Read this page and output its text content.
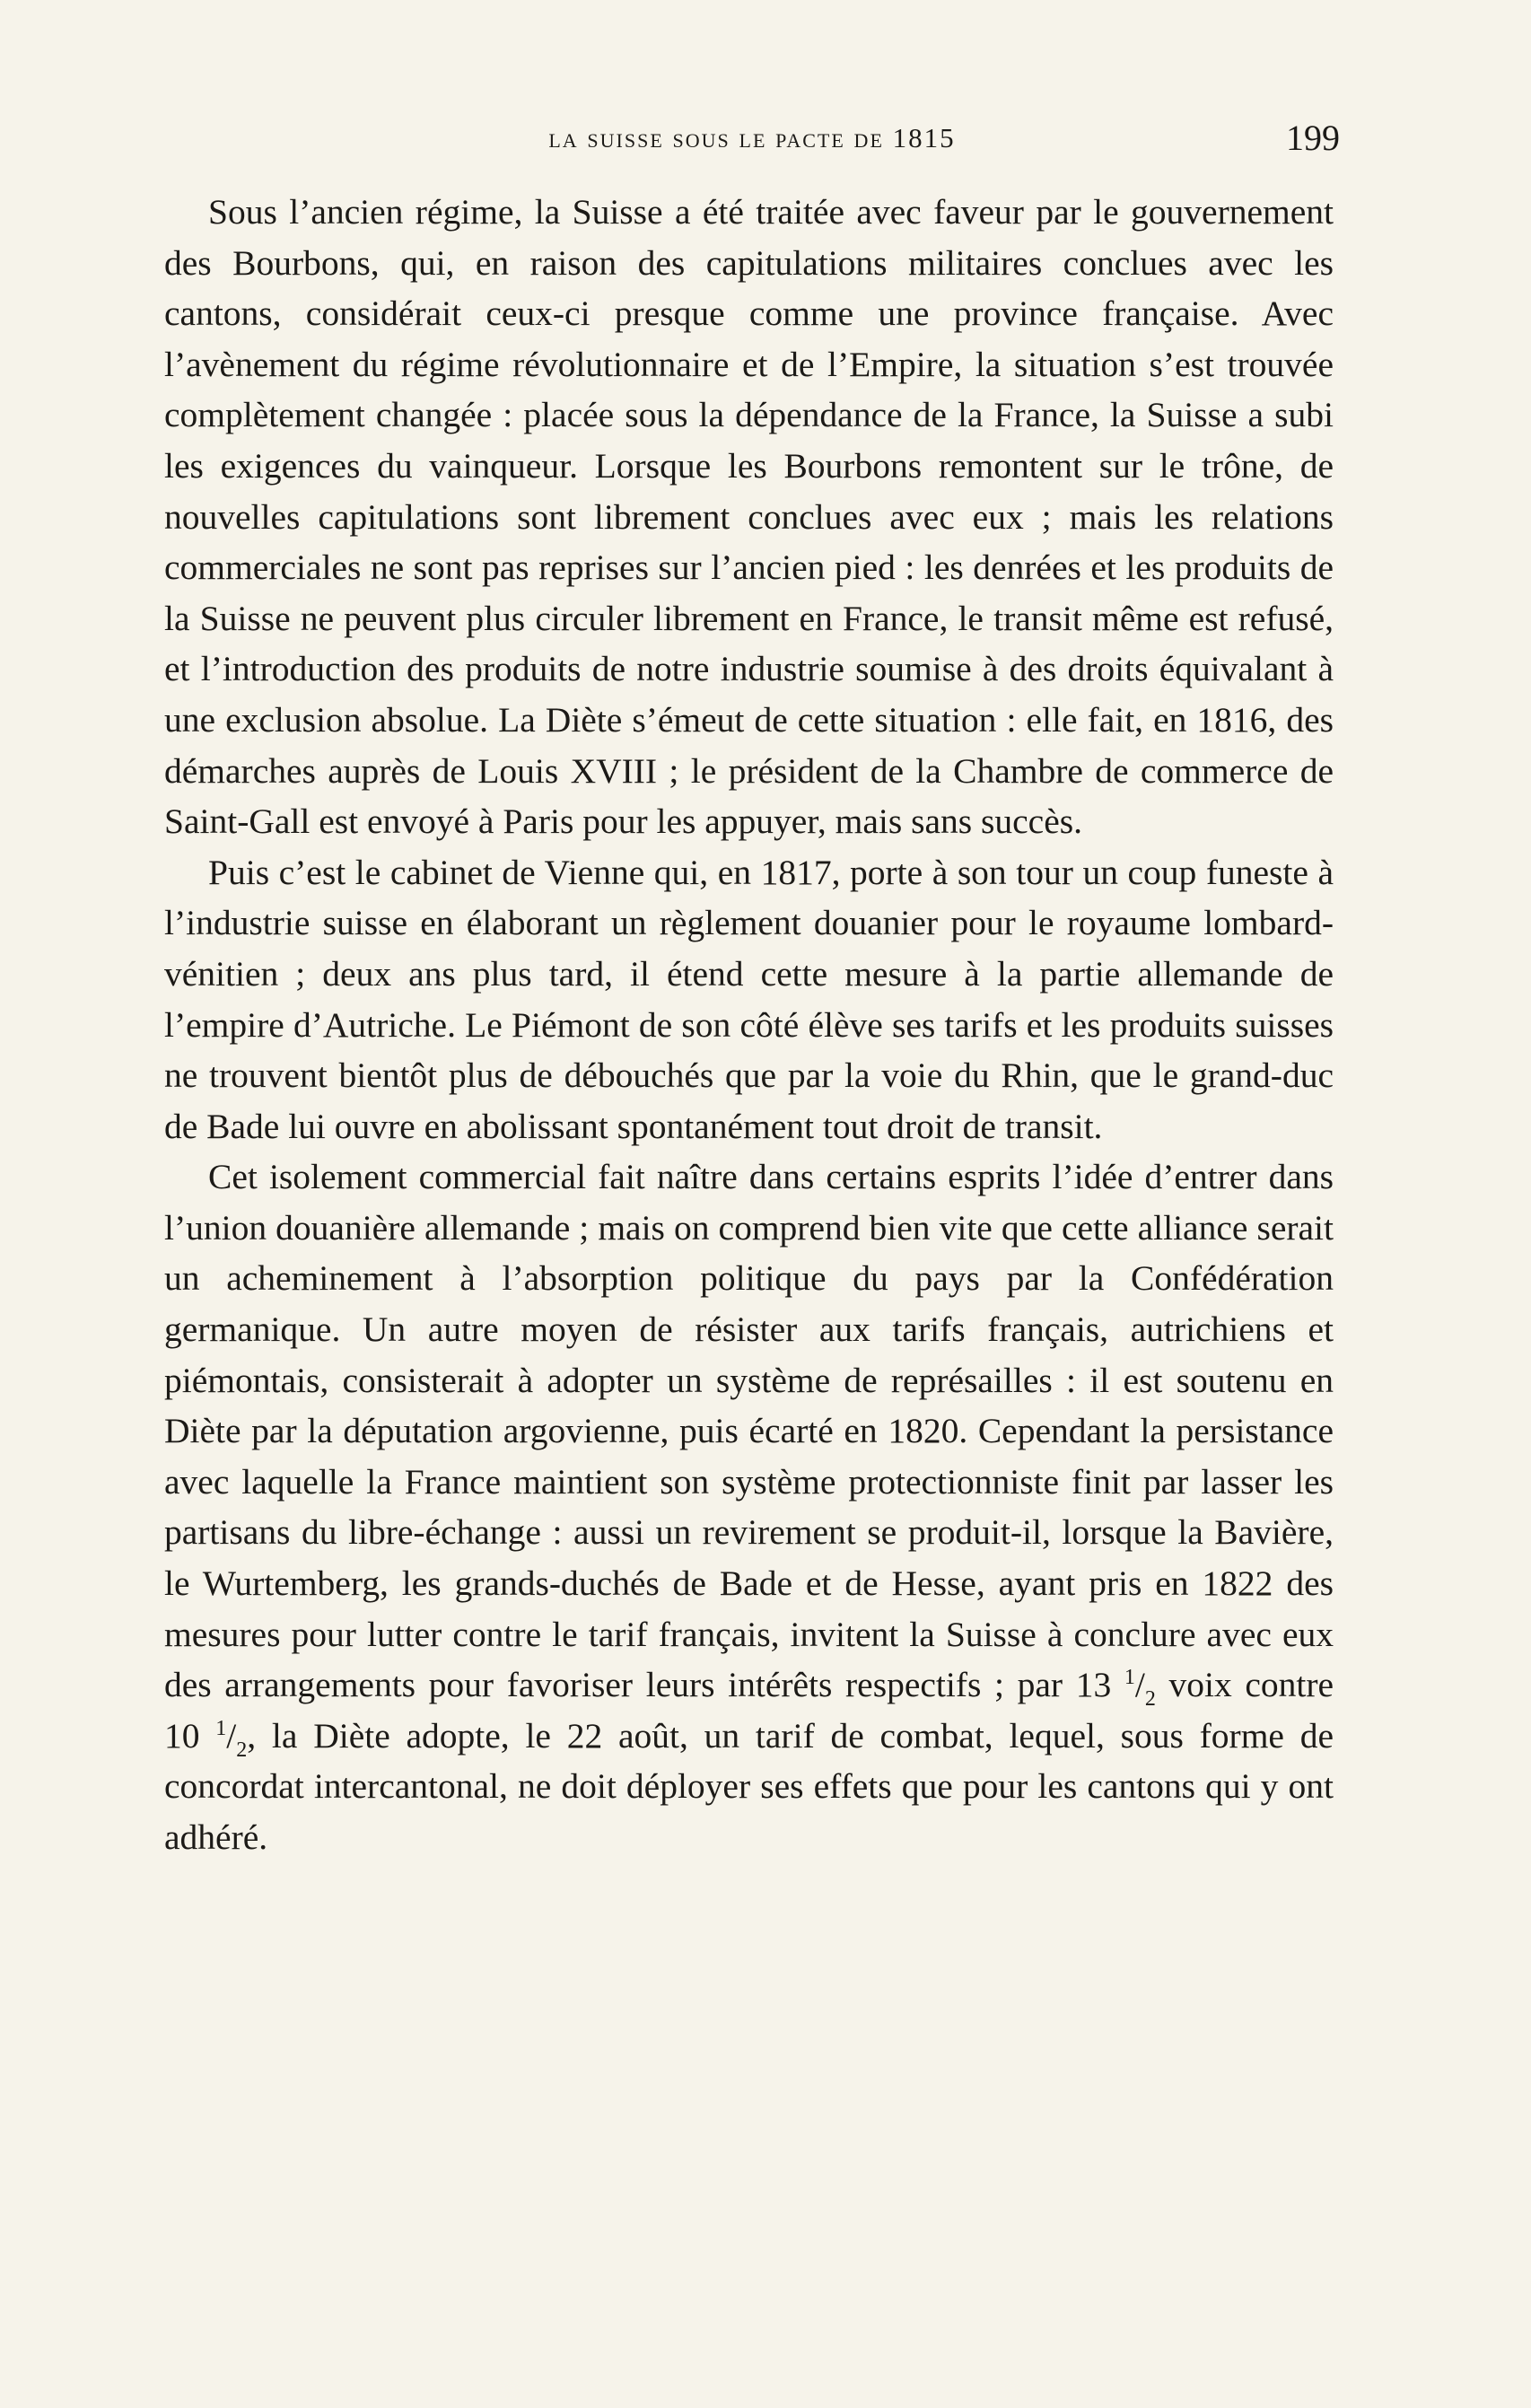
la suisse sous le pacte de 1815	199

Sous l’ancien régime, la Suisse a été traitée avec faveur par le gouvernement des Bourbons, qui, en raison des capitulations militaires conclues avec les cantons, considérait ceux-ci presque comme une province française. Avec l’avènement du régime révolutionnaire et de l’Empire, la situation s’est trouvée complètement changée : placée sous la dépendance de la France, la Suisse a subi les exigences du vainqueur. Lorsque les Bourbons remontent sur le trône, de nouvelles capitulations sont librement conclues avec eux ; mais les relations commerciales ne sont pas reprises sur l’ancien pied : les denrées et les produits de la Suisse ne peuvent plus circuler librement en France, le transit même est refusé, et l’introduction des produits de notre industrie soumise à des droits équivalant à une exclusion absolue. La Diète s’émeut de cette situation : elle fait, en 1816, des démarches auprès de Louis XVIII ; le président de la Chambre de commerce de Saint-Gall est envoyé à Paris pour les appuyer, mais sans succès.

Puis c’est le cabinet de Vienne qui, en 1817, porte à son tour un coup funeste à l’industrie suisse en élaborant un règlement douanier pour le royaume lombard-vénitien ; deux ans plus tard, il étend cette mesure à la partie allemande de l’empire d’Autriche. Le Piémont de son côté élève ses tarifs et les produits suisses ne trouvent bientôt plus de débouchés que par la voie du Rhin, que le grand-duc de Bade lui ouvre en abolissant spontanément tout droit de transit.

Cet isolement commercial fait naître dans certains esprits l’idée d’entrer dans l’union douanière allemande ; mais on comprend bien vite que cette alliance serait un acheminement à l’absorption politique du pays par la Confédération germanique. Un autre moyen de résister aux tarifs français, autrichiens et piémontais, consisterait à adopter un système de représailles : il est soutenu en Diète par la députation argovienne, puis écarté en 1820. Cependant la persistance avec laquelle la France maintient son système protectionniste finit par lasser les partisans du libre-échange : aussi un revirement se produit-il, lorsque la Bavière, le Wurtemberg, les grands-duchés de Bade et de Hesse, ayant pris en 1822 des mesures pour lutter contre le tarif français, invitent la Suisse à conclure avec eux des arrangements pour favoriser leurs intérêts respectifs ; par 13 $^1/_2$ voix contre 10 $^1/_2$, la Diète adopte, le 22 août, un tarif de combat, lequel, sous forme de concordat intercantonal, ne doit déployer ses effets que pour les cantons qui y ont adhéré.
